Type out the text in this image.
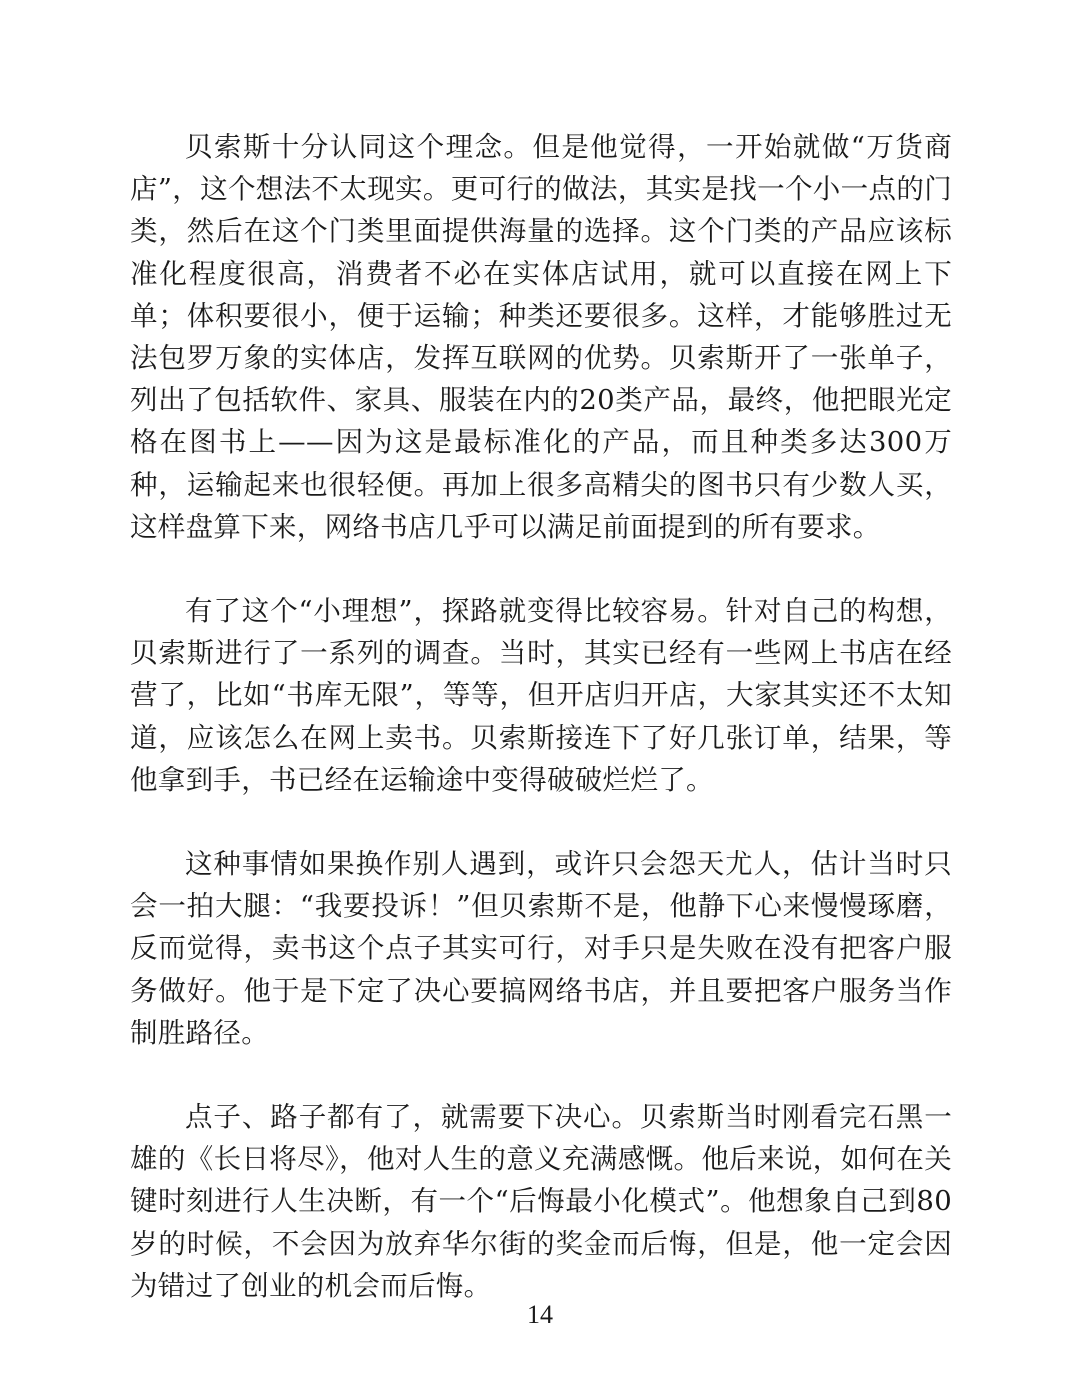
贝索斯十分认同这个理念。但是他觉得，一开始就做“万货商店”，这个想法不太现实。更可行的做法，其实是找一个小一点的门类，然后在这个门类里面提供海量的选择。这个门类的产品应该标准化程度很高，消费者不必在实体店试用，就可以直接在网上下单；体积要很小，便于运输；种类还要很多。这样，才能够胜过无法包罗万象的实体店，发挥互联网的优势。贝索斯开了一张单子，列出了包括软件、家具、服装在内的20类产品，最终，他把眼光定格在图书上——因为这是最标准化的产品，而且种类多达300万种，运输起来也很轻便。再加上很多高精尖的图书只有少数人买，这样盘算下来，网络书店几乎可以满足前面提到的所有要求。

有了这个“小理想”，探路就变得比较容易。针对自己的构想，贝索斯进行了一系列的调查。当时，其实已经有一些网上书店在经营了，比如“书库无限”，等等，但开店归开店，大家其实还不太知道，应该怎么在网上卖书。贝索斯接连下了好几张订单，结果，等他拿到手，书已经在运输途中变得破破烂烂了。

这种事情如果换作别人遇到，或许只会怨天尤人，估计当时只会一拍大腿：“我要投诉！”但贝索斯不是，他静下心来慢慢琢磨，反而觉得，卖书这个点子其实可行，对手只是失败在没有把客户服务做好。他于是下定了决心要搞网络书店，并且要把客户服务当作制胜路径。

点子、路子都有了，就需要下决心。贝索斯当时刚看完石黑一雄的《长日将尽》，他对人生的意义充满感慨。他后来说，如何在关键时刻进行人生决断，有一个“后悔最小化模式”。他想象自己到80岁的时候，不会因为放弃华尔街的奖金而后悔，但是，他一定会因为错过了创业的机会而后悔。

14
